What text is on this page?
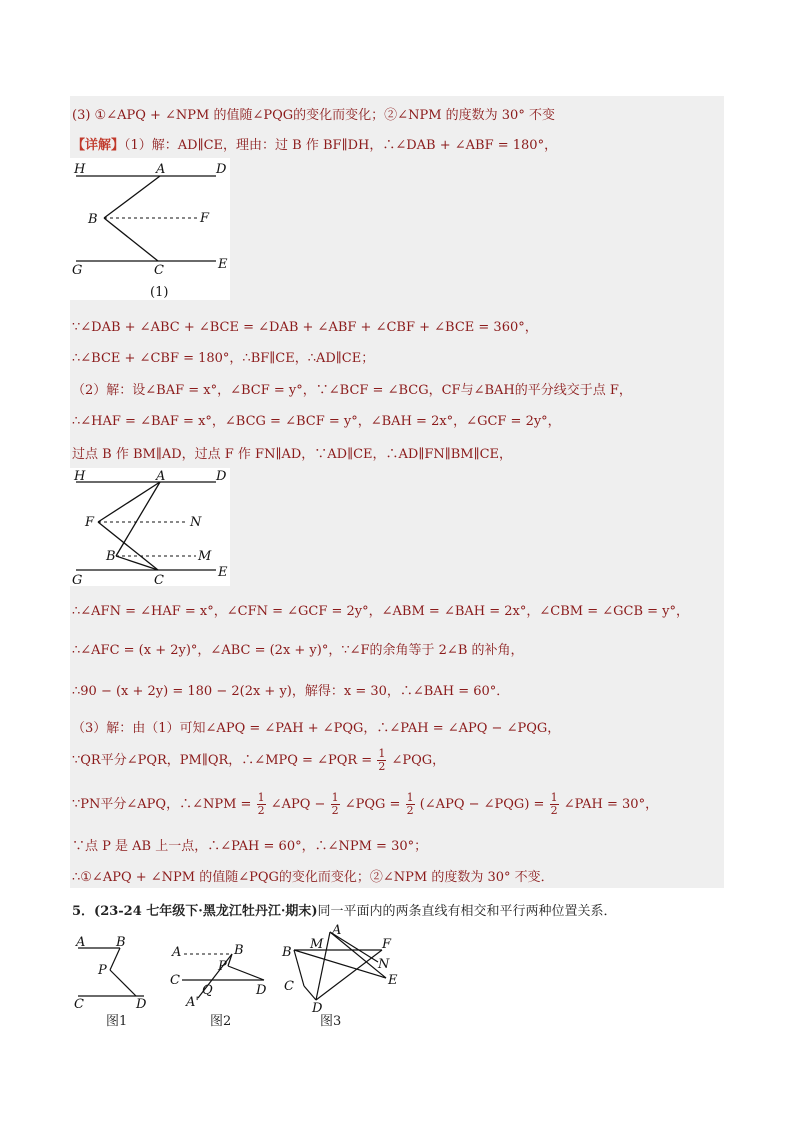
(3) ①∠APQ + ∠NPM 的值随∠PQG的变化而变化；②∠NPM 的度数为 30° 不变
【详解】（1）解：AD∥CE，理由：过 B 作 BF∥DH，∴∠DAB + ∠ABF = 180°，
H	A	D
B	F
G	C	E
(1)
∵∠DAB + ∠ABC + ∠BCE = ∠DAB + ∠ABF + ∠CBF + ∠BCE = 360°，
∴∠BCE + ∠CBF = 180°，∴BF∥CE，∴AD∥CE；
（2）解：设∠BAF = x°，∠BCF = y°，∵∠BCF = ∠BCG，CF与∠BAH的平分线交于点 F，
∴∠HAF = ∠BAF = x°，∠BCG = ∠BCF = y°，∠BAH = 2x°，∠GCF = 2y°，
过点 B 作 BM∥AD，过点 F 作 FN∥AD，∵AD∥CE，∴AD∥FN∥BM∥CE，
H	A	D
F	N
B	M
G	C
E
∴∠AFN = ∠HAF = x°，∠CFN = ∠GCF = 2y°，∠ABM = ∠BAH = 2x°，∠CBM = ∠GCB = y°，
∴∠AFC = (x + 2y)°，∠ABC = (2x + y)°，∵∠F的余角等于 2∠B 的补角，
∴90 − (x + 2y) = 180 − 2(2x + y)，解得：x = 30，∴∠BAH = 60°．
（3）解：由（1）可知∠APQ = ∠PAH + ∠PQG，∴∠PAH = ∠APQ − ∠PQG，
∵QR平分∠PQR，PM∥QR，∴∠MPQ = ∠PQR = $\frac{1}{2}$ ∠PQG，
∵PN平分∠APQ，∴∠NPM = $\frac{1}{2}$ ∠APQ − $\frac{1}{2}$ ∠PQG = $\frac{1}{2}$ (∠APQ − ∠PQG) = $\frac{1}{2}$ ∠PAH = 30°，
∵点 P 是 AB 上一点，∴∠PAH = 60°，∴∠NPM = 30°；
∴①∠APQ + ∠NPM 的值随∠PQG的变化而变化；②∠NPM 的度数为 30° 不变．
5．(23-24 七年级下·黑龙江牡丹江·期末)同一平面内的两条直线有相交和平行两种位置关系．
A B
P
C	D
A	B
P
C
Q
A'
D
A
M
B
F
N
C	E
D
图1	图2	图3
